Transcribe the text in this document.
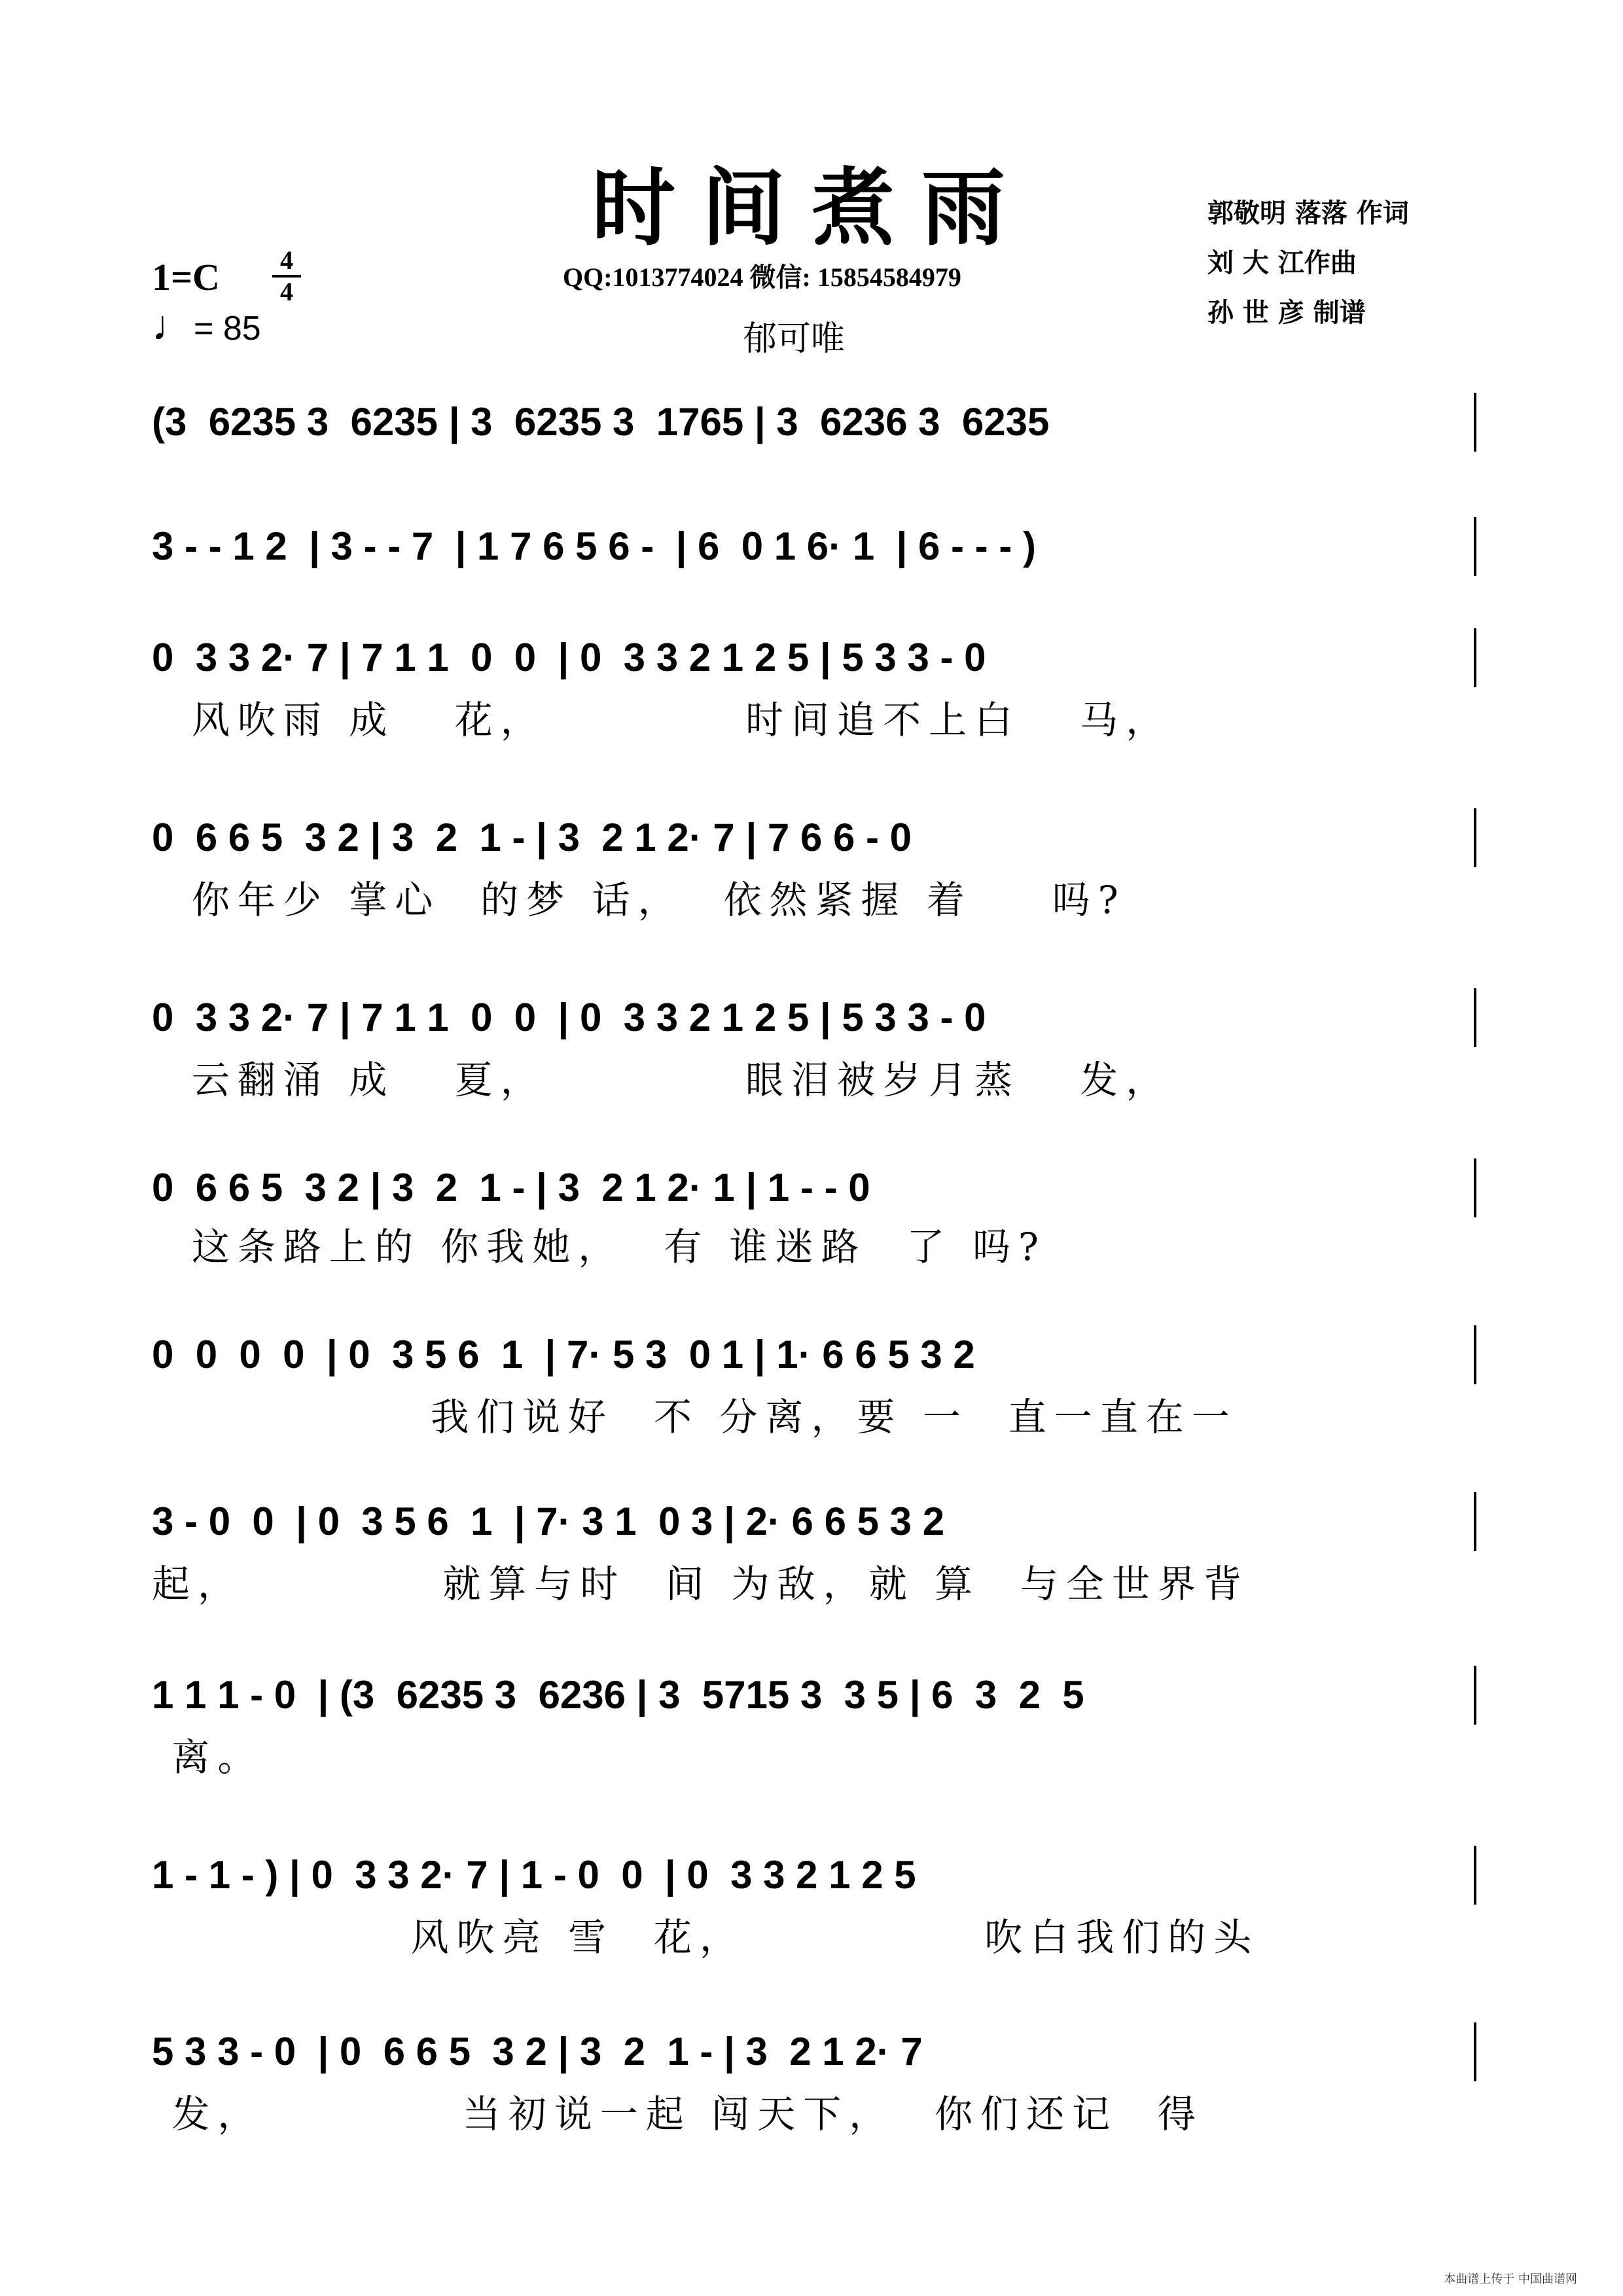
时间煮雨
QQ:1013774024 微信: 15854584979
郁可唯
郭敬明 落落 作词
刘 大 江作曲
孙 世 彦 制谱
1=C	4
4
♩= 85
(3  6235 3  6235 | 3  6235 3  1765 | 3  6236 3  6235
3 - - 1 2  | 3 - - 7  | 1 7 6 5 6 -  | 6  0 1 6· 1  | 6 - - - )
0  3 3 2· 7 | 7 1 1  0  0  | 0  3 3 2 1 2 5 | 5 3 3 - 0
风吹雨 成   花，          时间追不上白   马，
0  6 6 5  3 2 | 3  2  1 - | 3  2 1 2· 7 | 7 6 6 - 0
你年少 掌心  的梦 话，  依然紧握 着    吗?
0  3 3 2· 7 | 7 1 1  0  0  | 0  3 3 2 1 2 5 | 5 3 3 - 0
云翻涌 成   夏，          眼泪被岁月蒸   发，
0  6 6 5  3 2 | 3  2  1 - | 3  2 1 2· 1 | 1 - - 0
这条路上的 你我她，  有 谁迷路  了 吗?
0  0  0  0  | 0  3 5 6  1  | 7· 5 3  0 1 | 1· 6 6 5 3 2
我们说好  不 分离，要 一  直一直在一
3 - 0  0  | 0  3 5 6  1  | 7· 3 1  0 3 | 2· 6 6 5 3 2
起，          就算与时  间 为敌，就 算  与全世界背
1 1 1 - 0  | (3  6235 3  6236 | 3  5715 3  3 5 | 6  3  2  5
离。
1 - 1 - ) | 0  3 3 2· 7 | 1 - 0  0  | 0  3 3 2 1 2 5
风吹亮 雪  花，            吹白我们的头
5 3 3 - 0  | 0  6 6 5  3 2 | 3  2  1 - | 3  2 1 2· 7
发，          当初说一起 闯天下，  你们还记  得
本曲谱上传于 中国曲谱网
